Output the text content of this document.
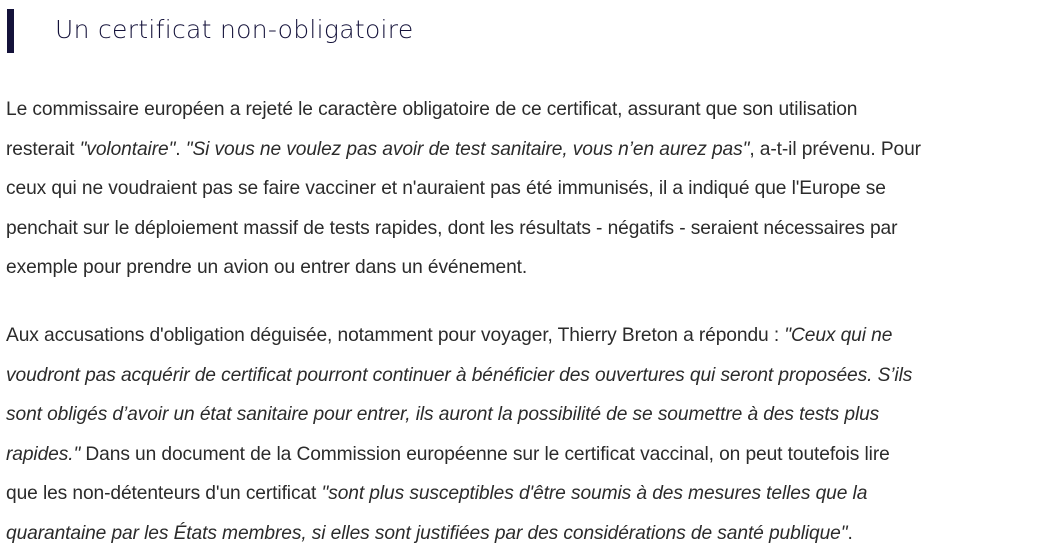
Un certificat non-obligatoire

Le commissaire européen a rejeté le caractère obligatoire de ce certificat, assurant que son utilisation
resterait "volontaire". "Si vous ne voulez pas avoir de test sanitaire, vous n’en aurez pas", a-t-il prévenu. Pour
ceux qui ne voudraient pas se faire vacciner et n'auraient pas été immunisés, il a indiqué que l'Europe se
penchait sur le déploiement massif de tests rapides, dont les résultats - négatifs - seraient nécessaires par
exemple pour prendre un avion ou entrer dans un événement.

Aux accusations d'obligation déguisée, notamment pour voyager, Thierry Breton a répondu : "Ceux qui ne
voudront pas acquérir de certificat pourront continuer à bénéficier des ouvertures qui seront proposées. S’ils
sont obligés d’avoir un état sanitaire pour entrer, ils auront la possibilité de se soumettre à des tests plus
rapides." Dans un document de la Commission européenne sur le certificat vaccinal, on peut toutefois lire
que les non-détenteurs d'un certificat "sont plus susceptibles d'être soumis à des mesures telles que la
quarantaine par les États membres, si elles sont justifiées par des considérations de santé publique".
